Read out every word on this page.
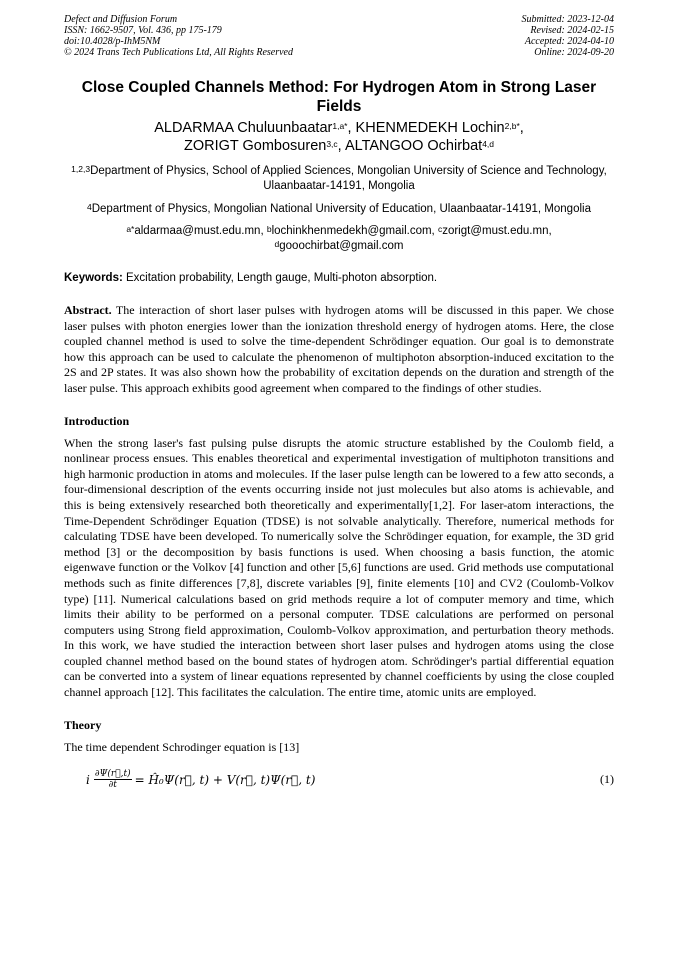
Defect and Diffusion Forum
ISSN: 1662-9507, Vol. 436, pp 175-179
doi:10.4028/p-IhM5NM
© 2024 Trans Tech Publications Ltd, All Rights Reserved
Submitted: 2023-12-04
Revised: 2024-02-15
Accepted: 2024-04-10
Online: 2024-09-20
Close Coupled Channels Method: For Hydrogen Atom in Strong Laser Fields
ALDARMAA Chuluunbaatar$^{1,a*}$, KHENMEDEKH Lochin$^{2,b*}$,
ZORIGT Gombosuren$^{3,c}$, ALTANGOO Ochirbat$^{4,d}$
$^{1,2,3}$Department of Physics, School of Applied Sciences, Mongolian University of Science and Technology, Ulaanbaatar-14191, Mongolia
$^4$Department of Physics, Mongolian National University of Education, Ulaanbaatar-14191, Mongolia
$^{a*}$aldarmaa@must.edu.mn, $^b$lochinkhenmedekh@gmail.com, $^c$zorigt@must.edu.mn,
$^d$gooochirbat@gmail.com
Keywords: Excitation probability, Length gauge, Multi-photon absorption.
Abstract. The interaction of short laser pulses with hydrogen atoms will be discussed in this paper. We chose laser pulses with photon energies lower than the ionization threshold energy of hydrogen atoms. Here, the close coupled channel method is used to solve the time-dependent Schrödinger equation. Our goal is to demonstrate how this approach can be used to calculate the phenomenon of multiphoton absorption-induced excitation to the 2S and 2P states. It was also shown how the probability of excitation depends on the duration and strength of the laser pulse. This approach exhibits good agreement when compared to the findings of other studies.
Introduction
When the strong laser's fast pulsing pulse disrupts the atomic structure established by the Coulomb field, a nonlinear process ensues. This enables theoretical and experimental investigation of multiphoton transitions and high harmonic production in atoms and molecules. If the laser pulse length can be lowered to a few atto seconds, a four-dimensional description of the events occurring inside not just molecules but also atoms is achievable, and this is being extensively researched both theoretically and experimentally[1,2]. For laser-atom interactions, the Time-Dependent Schrödinger Equation (TDSE) is not solvable analytically. Therefore, numerical methods for calculating TDSE have been developed. To numerically solve the Schrödinger equation, for example, the 3D grid method [3] or the decomposition by basis functions is used. When choosing a basis function, the atomic eigenwave function or the Volkov [4] function and other [5,6] functions are used. Grid methods use computational methods such as finite differences [7,8], discrete variables [9], finite elements [10] and CV2 (Coulomb-Volkov type) [11]. Numerical calculations based on grid methods require a lot of computer memory and time, which limits their ability to be performed on a personal computer. TDSE calculations are performed on personal computers using Strong field approximation, Coulomb-Volkov approximation, and perturbation theory methods. In this work, we have studied the interaction between short laser pulses and hydrogen atoms using the close coupled channel method based on the bound states of hydrogen atom. Schrödinger's partial differential equation can be converted into a system of linear equations represented by channel coefficients by using the close coupled channel approach [12]. This facilitates the calculation. The entire time, atomic units are employed.
Theory
The time dependent Schrodinger equation is [13]
i $\frac{\partial\Psi(r⃗,t)}{\partial t}$ = Ĥ₀Ψ(r⃗, t) + V(r⃗, t)Ψ(r⃗, t)	(1)
